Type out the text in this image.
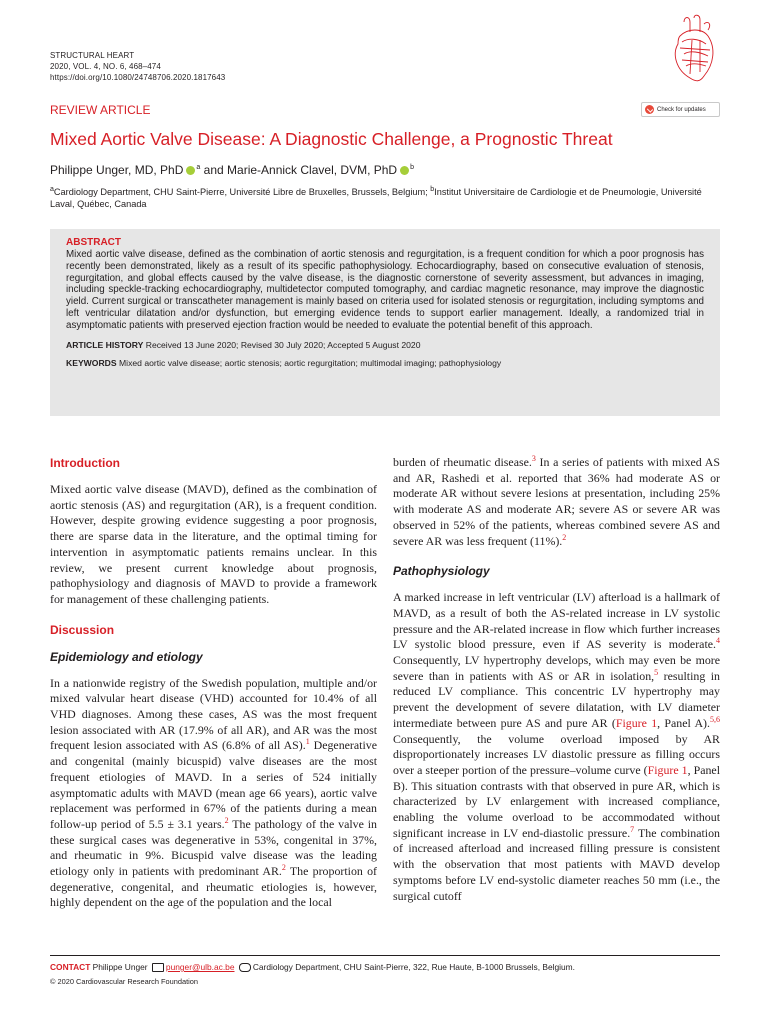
STRUCTURAL HEART
2020, VOL. 4, NO. 6, 468–474
https://doi.org/10.1080/24748706.2020.1817643
Check for updates
REVIEW ARTICLE
Mixed Aortic Valve Disease: A Diagnostic Challenge, a Prognostic Threat
Philippe Unger, MD, PhD $^a$ and Marie-Annick Clavel, DVM, PhD $^b$
$^a$Cardiology Department, CHU Saint-Pierre, Université Libre de Bruxelles, Brussels, Belgium; $^b$Institut Universitaire de Cardiologie et de Pneumologie, Université Laval, Québec, Canada
ABSTRACT
Mixed aortic valve disease, defined as the combination of aortic stenosis and regurgitation, is a frequent condition for which a poor prognosis has recently been demonstrated, likely as a result of its specific pathophysiology. Echocardiography, based on consecutive evaluation of stenosis, regurgitation, and global effects caused by the valve disease, is the diagnostic cornerstone of severity assessment, but advances in imaging, including speckle-tracking echocardiography, multidetector computed tomography, and cardiac magnetic resonance, may improve the diagnostic yield. Current surgical or transcatheter management is mainly based on criteria used for isolated stenosis or regurgitation, including symptoms and left ventricular dilatation and/or dysfunction, but emerging evidence tends to support earlier management. Ideally, a randomized trial in asymptomatic patients with preserved ejection fraction would be needed to evaluate the potential benefit of this approach.
ARTICLE HISTORY Received 13 June 2020; Revised 30 July 2020; Accepted 5 August 2020
KEYWORDS Mixed aortic valve disease; aortic stenosis; aortic regurgitation; multimodal imaging; pathophysiology
Introduction

Mixed aortic valve disease (MAVD), defined as the combination of aortic stenosis (AS) and regurgitation (AR), is a frequent condition. However, despite growing evidence suggesting a poor prognosis, there are sparse data in the literature, and the optimal timing for intervention in asymptomatic patients remains unclear. In this review, we present current knowledge about prognosis, pathophysiology and diagnosis of MAVD to provide a framework for management of these challenging patients.

Discussion
Epidemiology and etiology

In a nationwide registry of the Swedish population, multiple and/or mixed valvular heart disease (VHD) accounted for 10.4% of all VHD diagnoses. Among these cases, AS was the most frequent lesion associated with AR (17.9% of all AR), and AR was the most frequent lesion associated with AS (6.8% of all AS).$^1$ Degenerative and congenital (mainly bicuspid) valve diseases are the most frequent etiologies of MAVD. In a series of 524 initially asymptomatic adults with MAVD (mean age 66 years), aortic valve replacement was performed in 67% of the patients during a mean follow-up period of 5.5 ± 3.1 years.$^2$ The pathology of the valve in these surgical cases was degenerative in 53%, congenital in 37%, and rheumatic in 9%. Bicuspid valve disease was the leading etiology only in patients with predominant AR.$^2$ The proportion of degenerative, congenital, and rheumatic etiologies is, however, highly dependent on the age of the population and the local

burden of rheumatic disease.$^3$ In a series of patients with mixed AS and AR, Rashedi et al. reported that 36% had moderate AS or moderate AR without severe lesions at presentation, including 25% with moderate AS and moderate AR; severe AS or severe AR was observed in 52% of the patients, whereas combined severe AS and severe AR was less frequent (11%).$^2$

Pathophysiology

A marked increase in left ventricular (LV) afterload is a hallmark of MAVD, as a result of both the AS-related increase in LV systolic pressure and the AR-related increase in flow which further increases LV systolic blood pressure, even if AS severity is moderate.$^4$ Consequently, LV hypertrophy develops, which may even be more severe than in patients with AS or AR in isolation,$^5$ resulting in reduced LV compliance. This concentric LV hypertrophy may prevent the development of severe dilatation, with LV diameter intermediate between pure AS and pure AR (Figure 1, Panel A).$^{5,6}$ Consequently, the volume overload imposed by AR disproportionately increases LV diastolic pressure as filling occurs over a steeper portion of the pressure–volume curve (Figure 1, Panel B). This situation contrasts with that observed in pure AR, which is characterized by LV enlargement with increased compliance, enabling the volume overload to be accommodated without significant increase in LV end-diastolic pressure.$^7$ The combination of increased afterload and increased filling pressure is consistent with the observation that most patients with MAVD develop symptoms before LV end-systolic diameter reaches 50 mm (i.e., the surgical cutoff

CONTACT Philippe Unger punger@ulb.ac.be Cardiology Department, CHU Saint-Pierre, 322, Rue Haute, B-1000 Brussels, Belgium.
© 2020 Cardiovascular Research Foundation
